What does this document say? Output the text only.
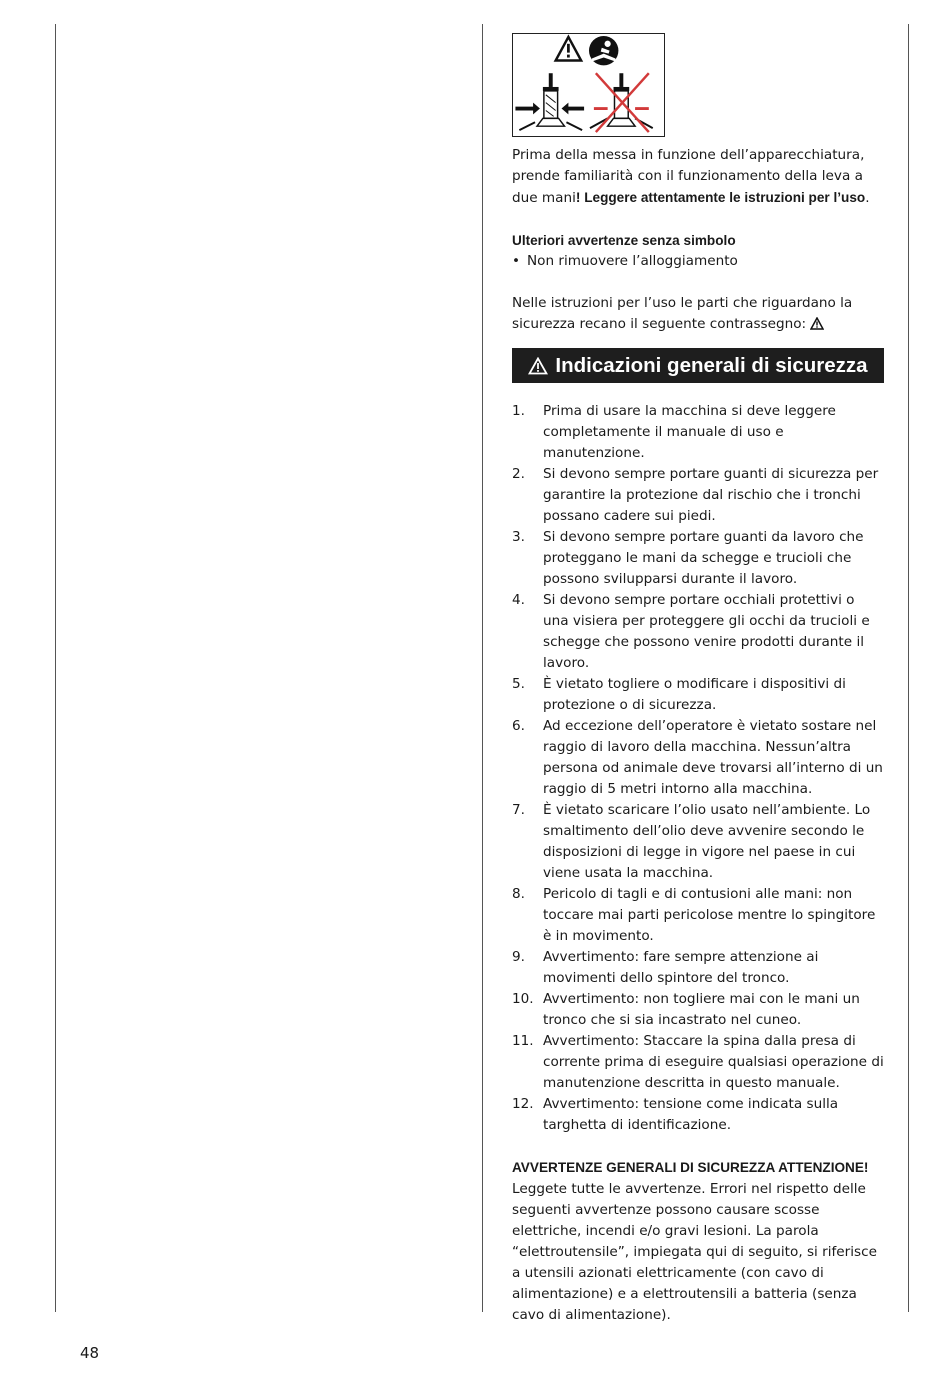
Prima della messa in funzione dell’apparecchiatura, prende familiarità con il funzionamento della leva a due mani! Leggere attentamente le istruzioni per l’uso.

Ulteriori avvertenze senza simbolo

• Non rimuovere l’alloggiamento

Nelle istruzioni per l’uso le parti che riguardano la sicurezza recano il seguente contrassegno:

Indicazioni generali di sicurezza
1.	Prima di usare la macchina si deve leggere completamente il manuale di uso e manutenzione.
2.	Si devono sempre portare guanti di sicurezza per garantire la protezione dal rischio che i tronchi possano cadere sui piedi.
3.	Si devono sempre portare guanti da lavoro che proteggano le mani da schegge e trucioli che possono svilupparsi durante il lavoro.
4.	Si devono sempre portare occhiali protettivi o una visiera per proteggere gli occhi da trucioli e schegge che possono venire prodotti durante il lavoro.
5.	È vietato togliere o modificare i dispositivi di protezione o di sicurezza.
6.	Ad eccezione dell’operatore è vietato sostare nel raggio di lavoro della macchina. Nessun’altra persona od animale deve trovarsi all’interno di un raggio di 5 metri intorno alla macchina.
7.	È vietato scaricare l’olio usato nell’ambiente. Lo smaltimento dell’olio deve avvenire secondo le disposizioni di legge in vigore nel paese in cui viene usata la macchina.
8.	Pericolo di tagli e di contusioni alle mani: non toccare mai parti pericolose mentre lo spingitore è in movimento.
9.	Avvertimento: fare sempre attenzione ai movimenti dello spintore del tronco.
10. Avvertimento: non togliere mai con le mani un tronco che si sia incastrato nel cuneo.
11. Avvertimento: Staccare la spina dalla presa di corrente prima di eseguire qualsiasi operazione di manutenzione descritta in questo manuale.
12. Avvertimento: tensione come indicata sulla targhetta di identificazione.

AVVERTENZE GENERALI DI SICUREZZA ATTENZIONE! Leggete tutte le avvertenze. Errori nel rispetto delle seguenti avvertenze possono causare scosse elettriche, incendi e/o gravi lesioni. La parola “elettroutensile”, impiegata qui di seguito, si riferisce a utensili azionati elettricamente (con cavo di alimentazione) e a elettroutensili a batteria (senza cavo di alimentazione).

48
